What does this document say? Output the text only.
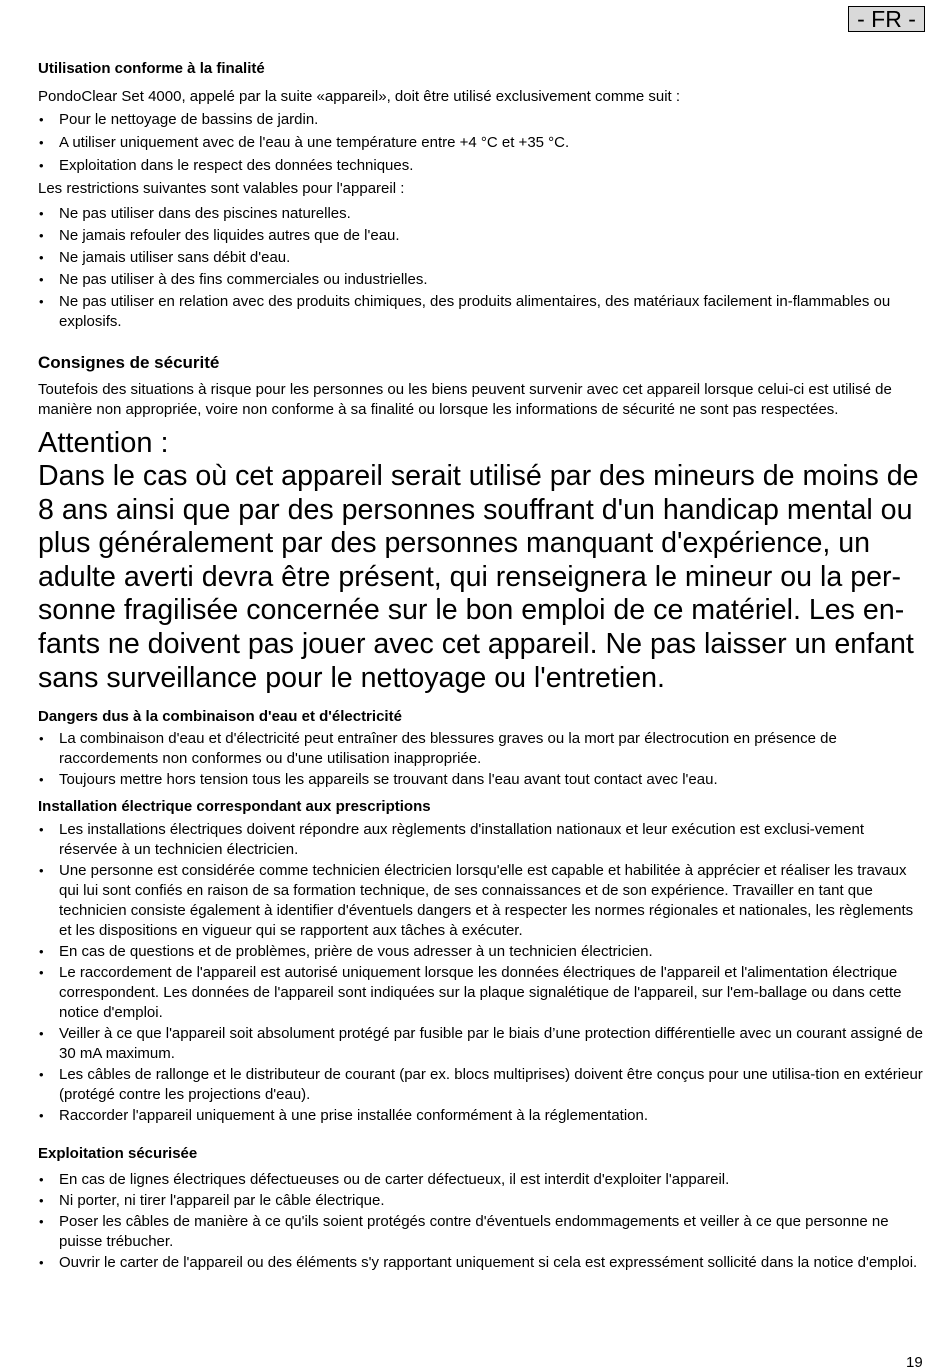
- FR -
Utilisation conforme à la finalité

PondoClear Set 4000, appelé par la suite «appareil», doit être utilisé exclusivement comme suit :

• Pour le nettoyage de bassins de jardin.
• A utiliser uniquement avec de l'eau à une température entre +4 °C et +35 °C.
• Exploitation dans le respect des données techniques.

Les restrictions suivantes sont valables pour l'appareil :

• Ne pas utiliser dans des piscines naturelles.
• Ne jamais refouler des liquides autres que de l'eau.
• Ne jamais utiliser sans débit d'eau.
• Ne pas utiliser à des fins commerciales ou industrielles.
• Ne pas utiliser en relation avec des produits chimiques, des produits alimentaires, des matériaux facilement in-flammables ou explosifs.
Consignes de sécurité

Toutefois des situations à risque pour les personnes ou les biens peuvent survenir avec cet appareil lorsque celui-ci est utilisé de manière non appropriée, voire non conforme à sa finalité ou lorsque les informations de sécurité ne sont pas respectées.

Attention :

Dans le cas où cet appareil serait utilisé par des mineurs de moins de 8 ans ainsi que par des personnes souffrant d'un handicap mental ou plus généralement par des personnes manquant d'expérience, un adulte averti devra être présent, qui renseignera le mineur ou la per-sonne fragilisée concernée sur le bon emploi de ce matériel. Les en-fants ne doivent pas jouer avec cet appareil. Ne pas laisser un enfant sans surveillance pour le nettoyage ou l'entretien.

Dangers dus à la combinaison d'eau et d'électricité
• La combinaison d'eau et d'électricité peut entraîner des blessures graves ou la mort par électrocution en présence de raccordements non conformes ou d'une utilisation inappropriée.
• Toujours mettre hors tension tous les appareils se trouvant dans l'eau avant tout contact avec l'eau.
Installation électrique correspondant aux prescriptions
• Les installations électriques doivent répondre aux règlements d'installation nationaux et leur exécution est exclusi-vement réservée à un technicien électricien.
• Une personne est considérée comme technicien électricien lorsqu'elle est capable et habilitée à apprécier et réaliser les travaux qui lui sont confiés en raison de sa formation technique, de ses connaissances et de son expérience. Travailler en tant que technicien consiste également à identifier d'éventuels dangers et à respecter les normes régionales et nationales, les règlements et les dispositions en vigueur qui se rapportent aux tâches à exécuter.
• En cas de questions et de problèmes, prière de vous adresser à un technicien électricien.
• Le raccordement de l'appareil est autorisé uniquement lorsque les données électriques de l'appareil et l'alimentation électrique correspondent. Les données de l'appareil sont indiquées sur la plaque signalétique de l'appareil, sur l'em-ballage ou dans cette notice d'emploi.
• Veiller à ce que l'appareil soit absolument protégé par fusible par le biais d’une protection différentielle avec un courant assigné de 30 mA maximum.
• Les câbles de rallonge et le distributeur de courant (par ex. blocs multiprises) doivent être conçus pour une utilisa-tion en extérieur (protégé contre les projections d'eau).
• Raccorder l'appareil uniquement à une prise installée conformément à la réglementation.
Exploitation sécurisée
• En cas de lignes électriques défectueuses ou de carter défectueux, il est interdit d'exploiter l'appareil.
• Ni porter, ni tirer l'appareil par le câble électrique.
• Poser les câbles de manière à ce qu'ils soient protégés contre d'éventuels endommagements et veiller à ce que personne ne puisse trébucher.
• Ouvrir le carter de l'appareil ou des éléments s'y rapportant uniquement si cela est expressément sollicité dans la notice d'emploi.
19
